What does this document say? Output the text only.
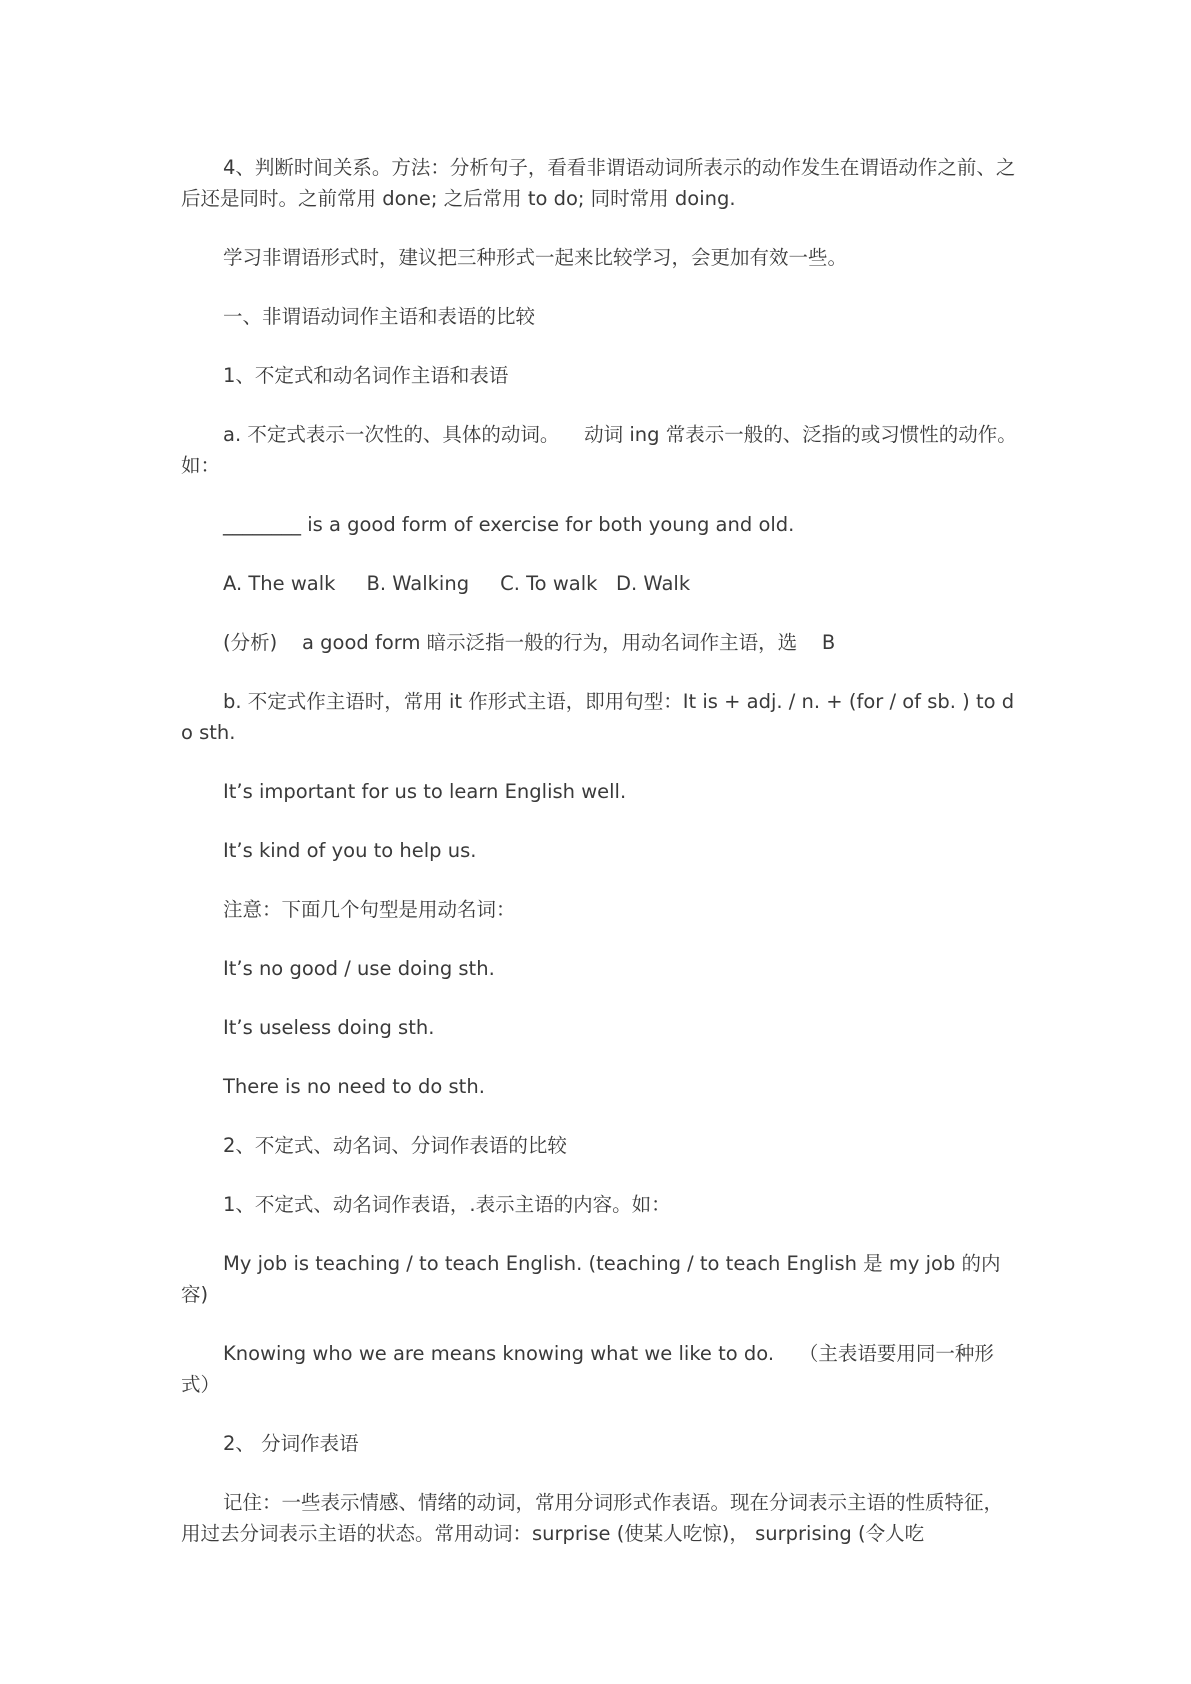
4、判断时间关系。方法：分析句子，看看非谓语动词所表示的动作发生在谓语动作之前、之后还是同时。之前常用 done; 之后常用 to do; 同时常用 doing.

学习非谓语形式时，建议把三种形式一起来比较学习，会更加有效一些。

一、非谓语动词作主语和表语的比较

1、不定式和动名词作主语和表语

a. 不定式表示一次性的、具体的动词。    动词 ing 常表示一般的、泛指的或习惯性的动作。如：

________ is a good form of exercise for both young and old.

A. The walk     B. Walking     C. To walk   D. Walk

(分析)    a good form 暗示泛指一般的行为，用动名词作主语，选    B

b. 不定式作主语时，常用 it 作形式主语，即用句型：It is + adj. / n. + (for / of sb. ) to do sth.

It’s important for us to learn English well.

It’s kind of you to help us.

注意：下面几个句型是用动名词：

It’s no good / use doing sth.

It’s useless doing sth.

There is no need to do sth.

2、不定式、动名词、分词作表语的比较

1、不定式、动名词作表语，.表示主语的内容。如：

My job is teaching / to teach English. (teaching / to teach English 是 my job 的内容)

Knowing who we are means knowing what we like to do.    （主表语要用同一种形式）

2、 分词作表语

记住：一些表示情感、情绪的动词，常用分词形式作表语。现在分词表示主语的性质特征，用过去分词表示主语的状态。常用动词：surprise (使某人吃惊)， surprising (令人吃
